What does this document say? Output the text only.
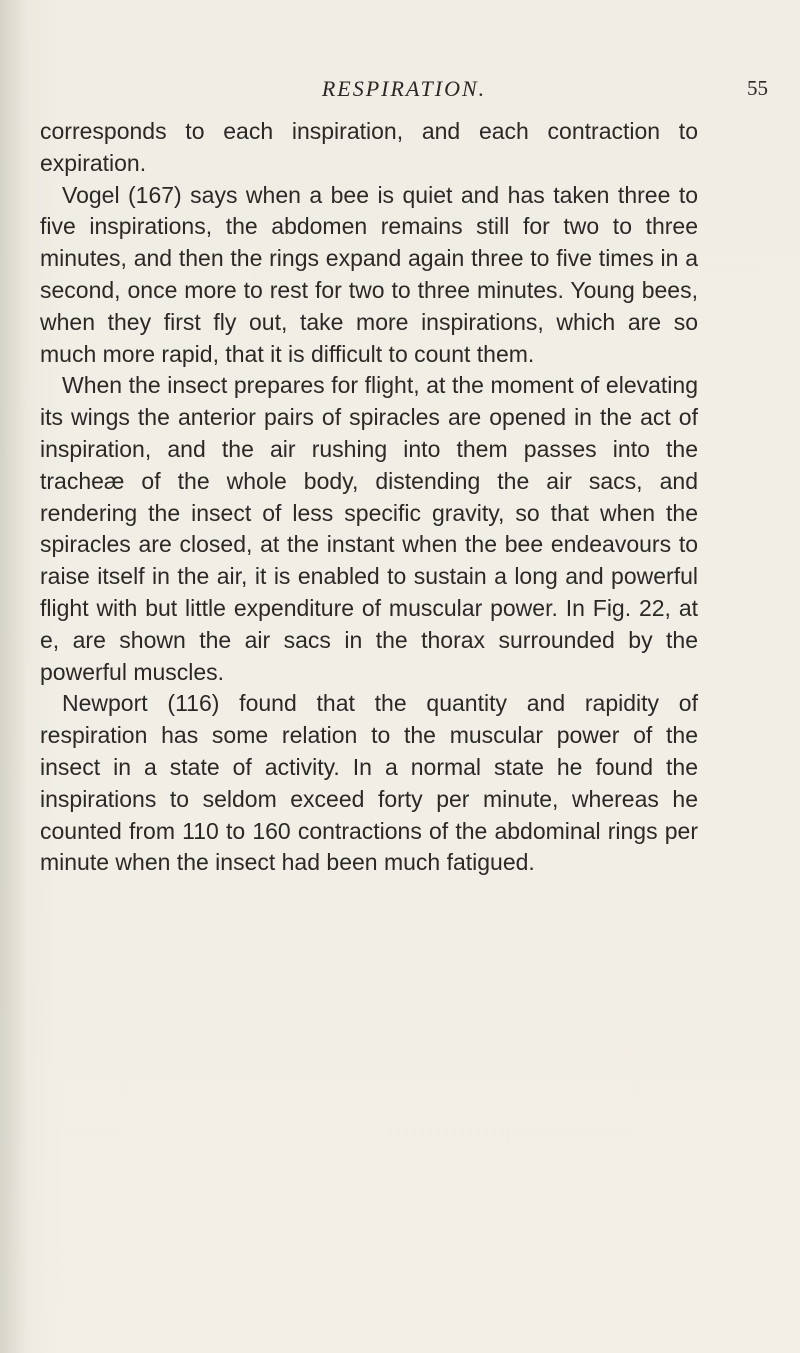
RESPIRATION.	55

corresponds to each inspiration, and each contraction to expiration.

Vogel (167) says when a bee is quiet and has taken three to five inspirations, the abdomen remains still for two to three minutes, and then the rings expand again three to five times in a second, once more to rest for two to three minutes. Young bees, when they first fly out, take more inspirations, which are so much more rapid, that it is difficult to count them.

When the insect prepares for flight, at the moment of elevating its wings the anterior pairs of spiracles are opened in the act of inspiration, and the air rushing into them passes into the tracheæ of the whole body, distending the air sacs, and rendering the insect of less specific gravity, so that when the spiracles are closed, at the instant when the bee endeavours to raise itself in the air, it is enabled to sustain a long and powerful flight with but little expenditure of muscular power. In Fig. 22, at e, are shown the air sacs in the thorax surrounded by the powerful muscles.

Newport (116) found that the quantity and rapidity of respiration has some relation to the muscular power of the insect in a state of activity. In a normal state he found the inspirations to seldom exceed forty per minute, whereas he counted from 110 to 160 contractions of the abdominal rings per minute when the insect had been much fatigued.
